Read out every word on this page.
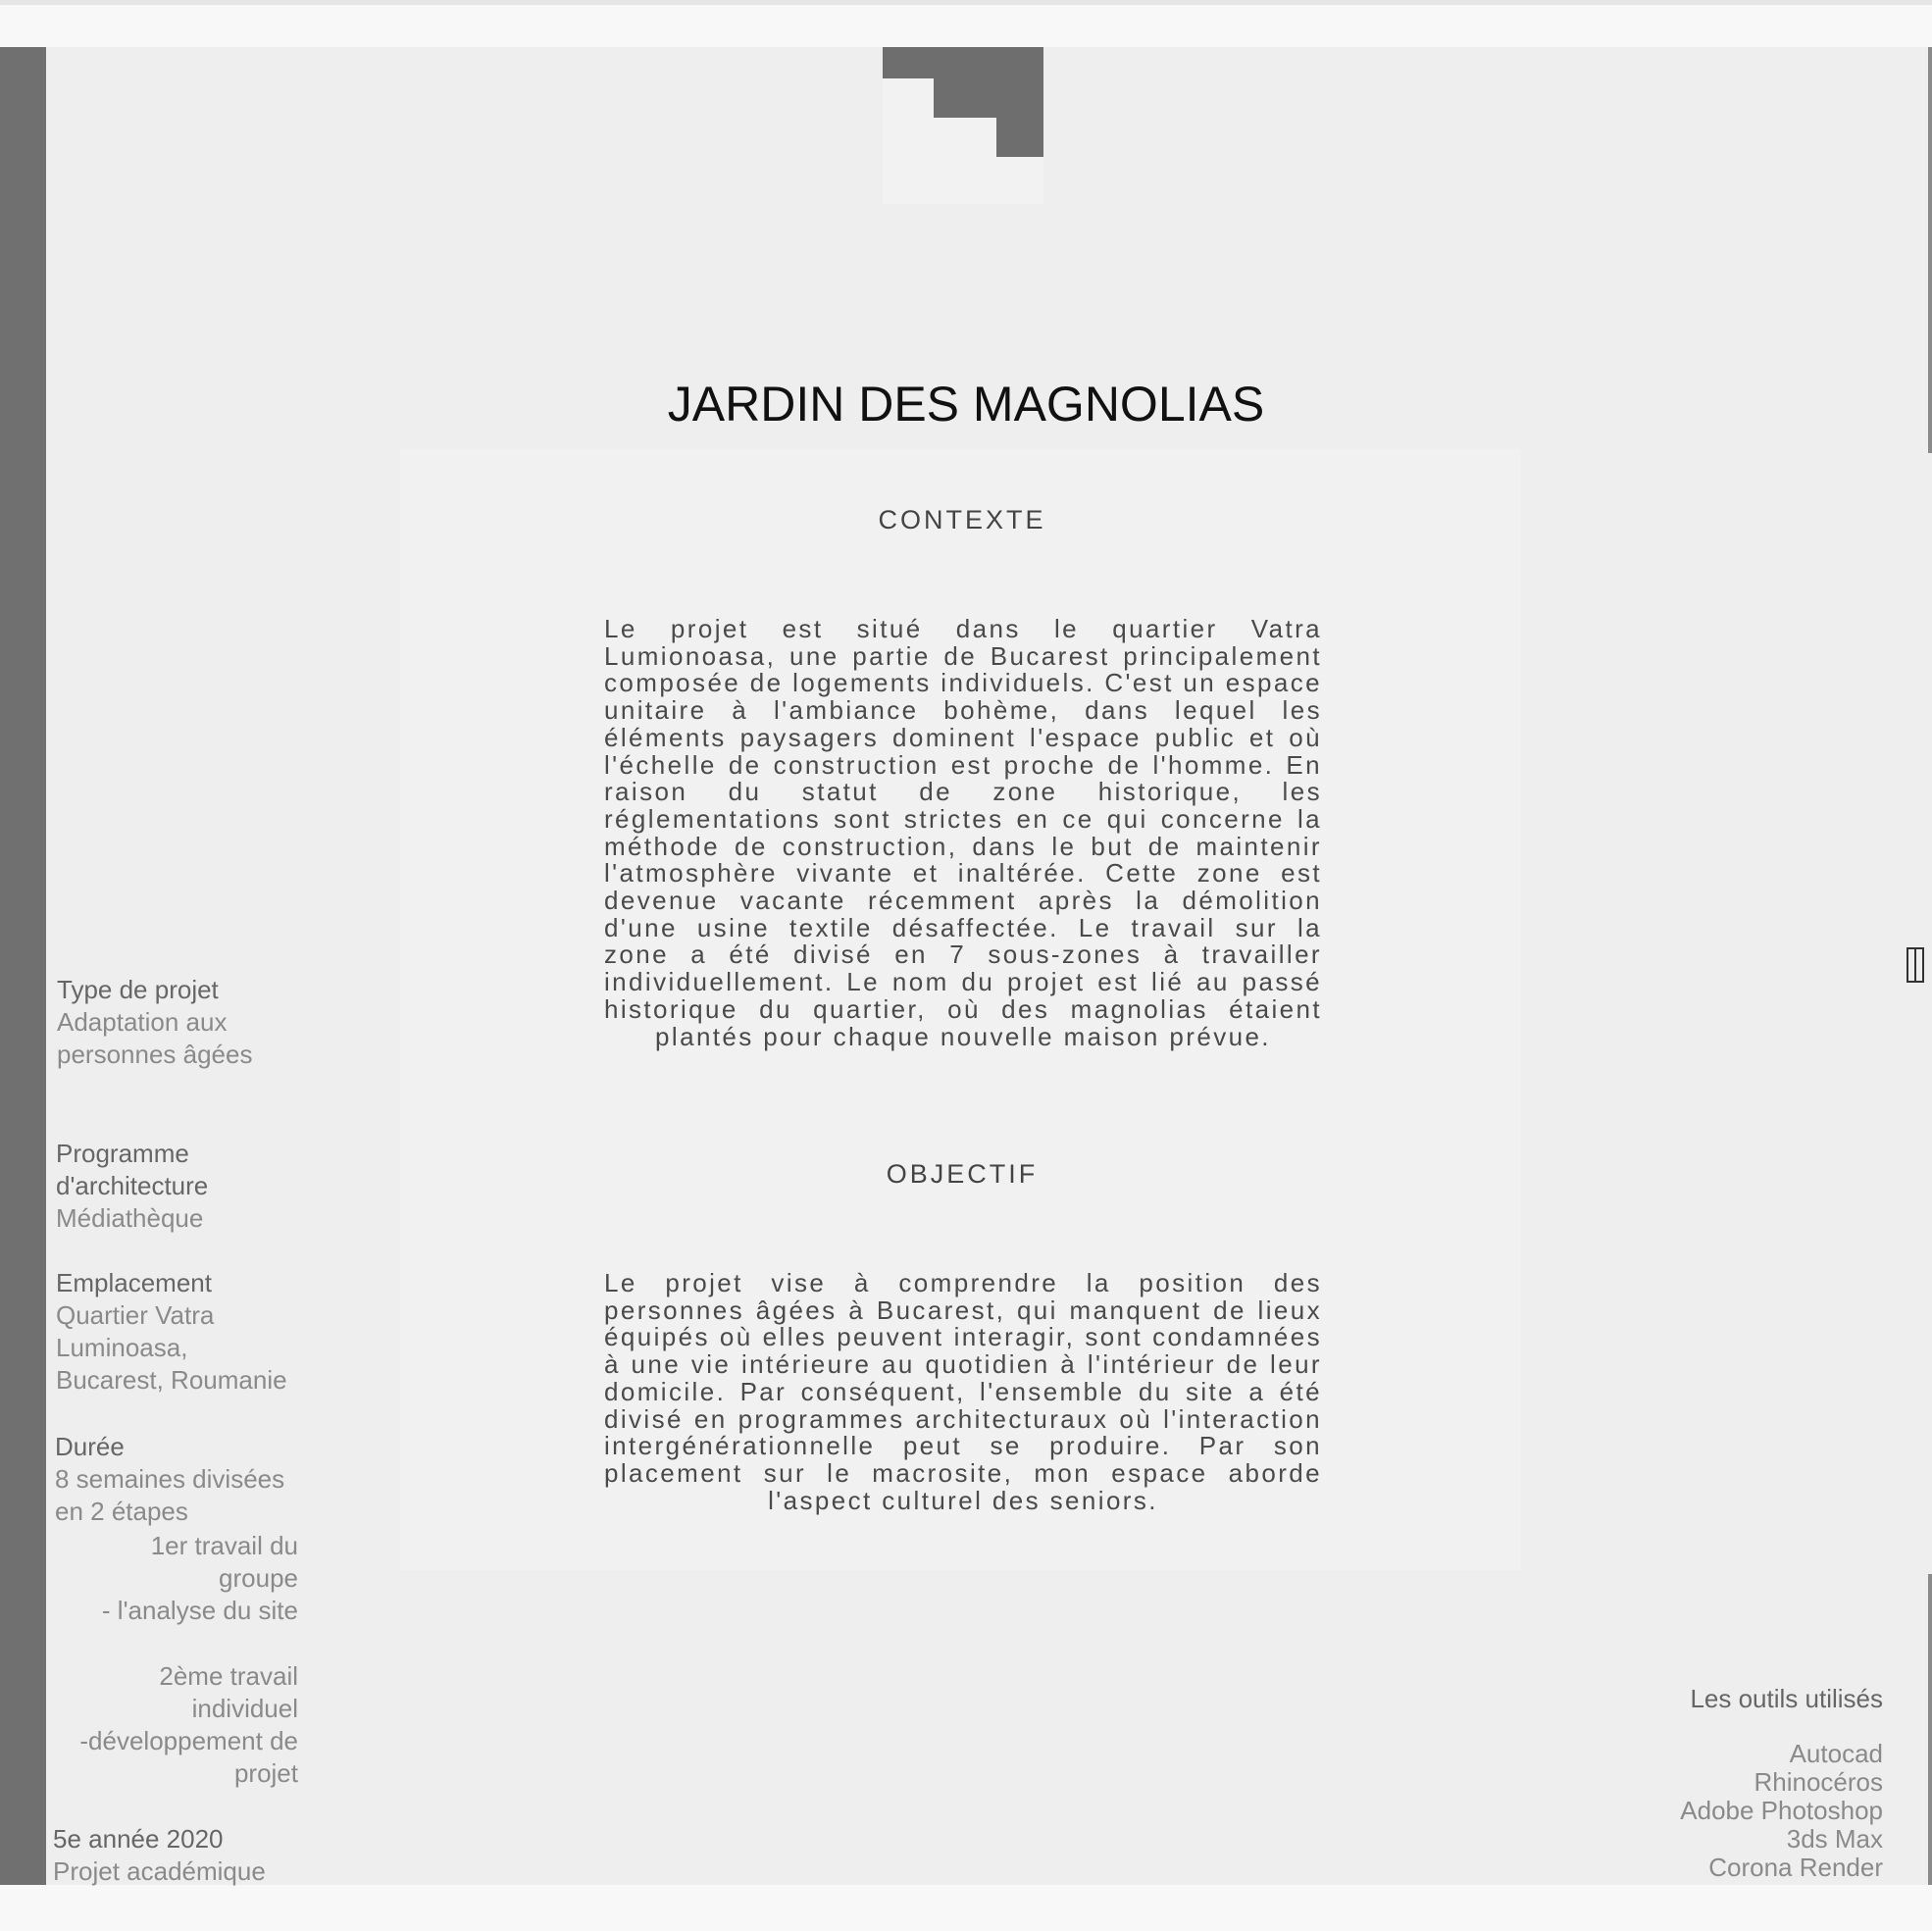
JARDIN DES MAGNOLIAS
CONTEXTE
Le projet est situé dans le quartier Vatra Lumionoasa, une partie de Bucarest principalement composée de logements individuels. C'est un espace unitaire à l'ambiance bohème, dans lequel les éléments paysagers dominent l'espace public et où l'échelle de construction est proche de l'homme. En raison du statut de zone historique, les réglementations sont strictes en ce qui concerne la méthode de construction, dans le but de maintenir l'atmosphère vivante et inaltérée. Cette zone est devenue vacante récemment après la démolition d'une usine textile désaffectée. Le travail sur la zone a été divisé en 7 sous-zones à travailler individuellement. Le nom du projet est lié au passé historique du quartier, où des magnolias étaient plantés pour chaque nouvelle maison prévue.
OBJECTIF
Le projet vise à comprendre la position des personnes âgées à Bucarest, qui manquent de lieux équipés où elles peuvent interagir, sont condamnées à une vie intérieure au quotidien à l'intérieur de leur domicile. Par conséquent, l'ensemble du site a été divisé en programmes architecturaux où l'interaction intergénérationnelle peut se produire. Par son placement sur le macrosite, mon espace aborde l'aspect culturel des seniors.
Type de projet
Adaptation aux
personnes âgées
Programme
d'architecture
Médiathèque
Emplacement
Quartier Vatra
Luminoasa,
Bucarest, Roumanie
Durée
8 semaines divisées
en 2 étapes
1er travail du
groupe
- l'analyse du site
2ème travail
individuel
-développement de
projet
5e année 2020
Projet académique
Les outils utilisés
Autocad
Rhinocéros
Adobe Photoshop
3ds Max
Corona Render
